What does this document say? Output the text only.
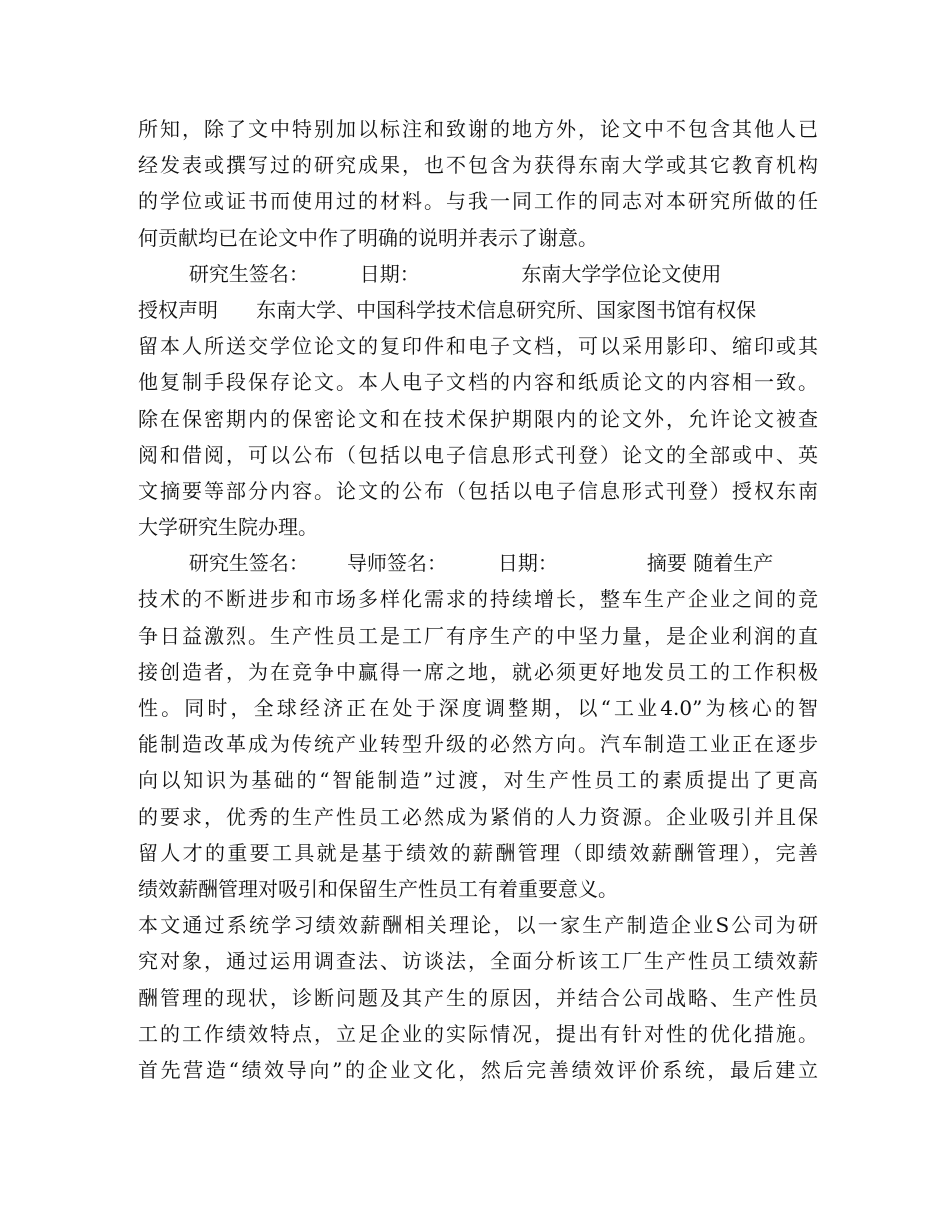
所知，除了文中特别加以标注和致谢的地方外，论文中不包含其他人已
经发表或撰写过的研究成果，也不包含为获得东南大学或其它教育机构
的学位或证书而使用过的材料。与我一同工作的同志对本研究所做的任
何贡献均已在论文中作了明确的说明并表示了谢意。
研究生签名：        日期：                东南大学学位论文使用
授权声明      东南大学、中国科学技术信息研究所、国家图书馆有权保
留本人所送交学位论文的复印件和电子文档，可以采用影印、缩印或其
他复制手段保存论文。本人电子文档的内容和纸质论文的内容相一致。
除在保密期内的保密论文和在技术保护期限内的论文外，允许论文被查
阅和借阅，可以公布（包括以电子信息形式刊登）论文的全部或中、英
文摘要等部分内容。论文的公布（包括以电子信息形式刊登）授权东南
大学研究生院办理。
研究生签名：      导师签名：        日期：              摘要 随着生产
技术的不断进步和市场多样化需求的持续增长，整车生产企业之间的竞
争日益激烈。生产性员工是工厂有序生产的中坚力量，是企业利润的直
接创造者，为在竞争中赢得一席之地，就必须更好地发员工的工作积极
性。同时，全球经济正在处于深度调整期，以“工业4.0”为核心的智
能制造改革成为传统产业转型升级的必然方向。汽车制造工业正在逐步
向以知识为基础的“智能制造”过渡，对生产性员工的素质提出了更高
的要求，优秀的生产性员工必然成为紧俏的人力资源。企业吸引并且保
留人才的重要工具就是基于绩效的薪酬管理（即绩效薪酬管理），完善
绩效薪酬管理对吸引和保留生产性员工有着重要意义。
本文通过系统学习绩效薪酬相关理论，以一家生产制造企业S公司为研
究对象，通过运用调查法、访谈法，全面分析该工厂生产性员工绩效薪
酬管理的现状，诊断问题及其产生的原因，并结合公司战略、生产性员
工的工作绩效特点，立足企业的实际情况，提出有针对性的优化措施。
首先营造“绩效导向”的企业文化，然后完善绩效评价系统，最后建立
